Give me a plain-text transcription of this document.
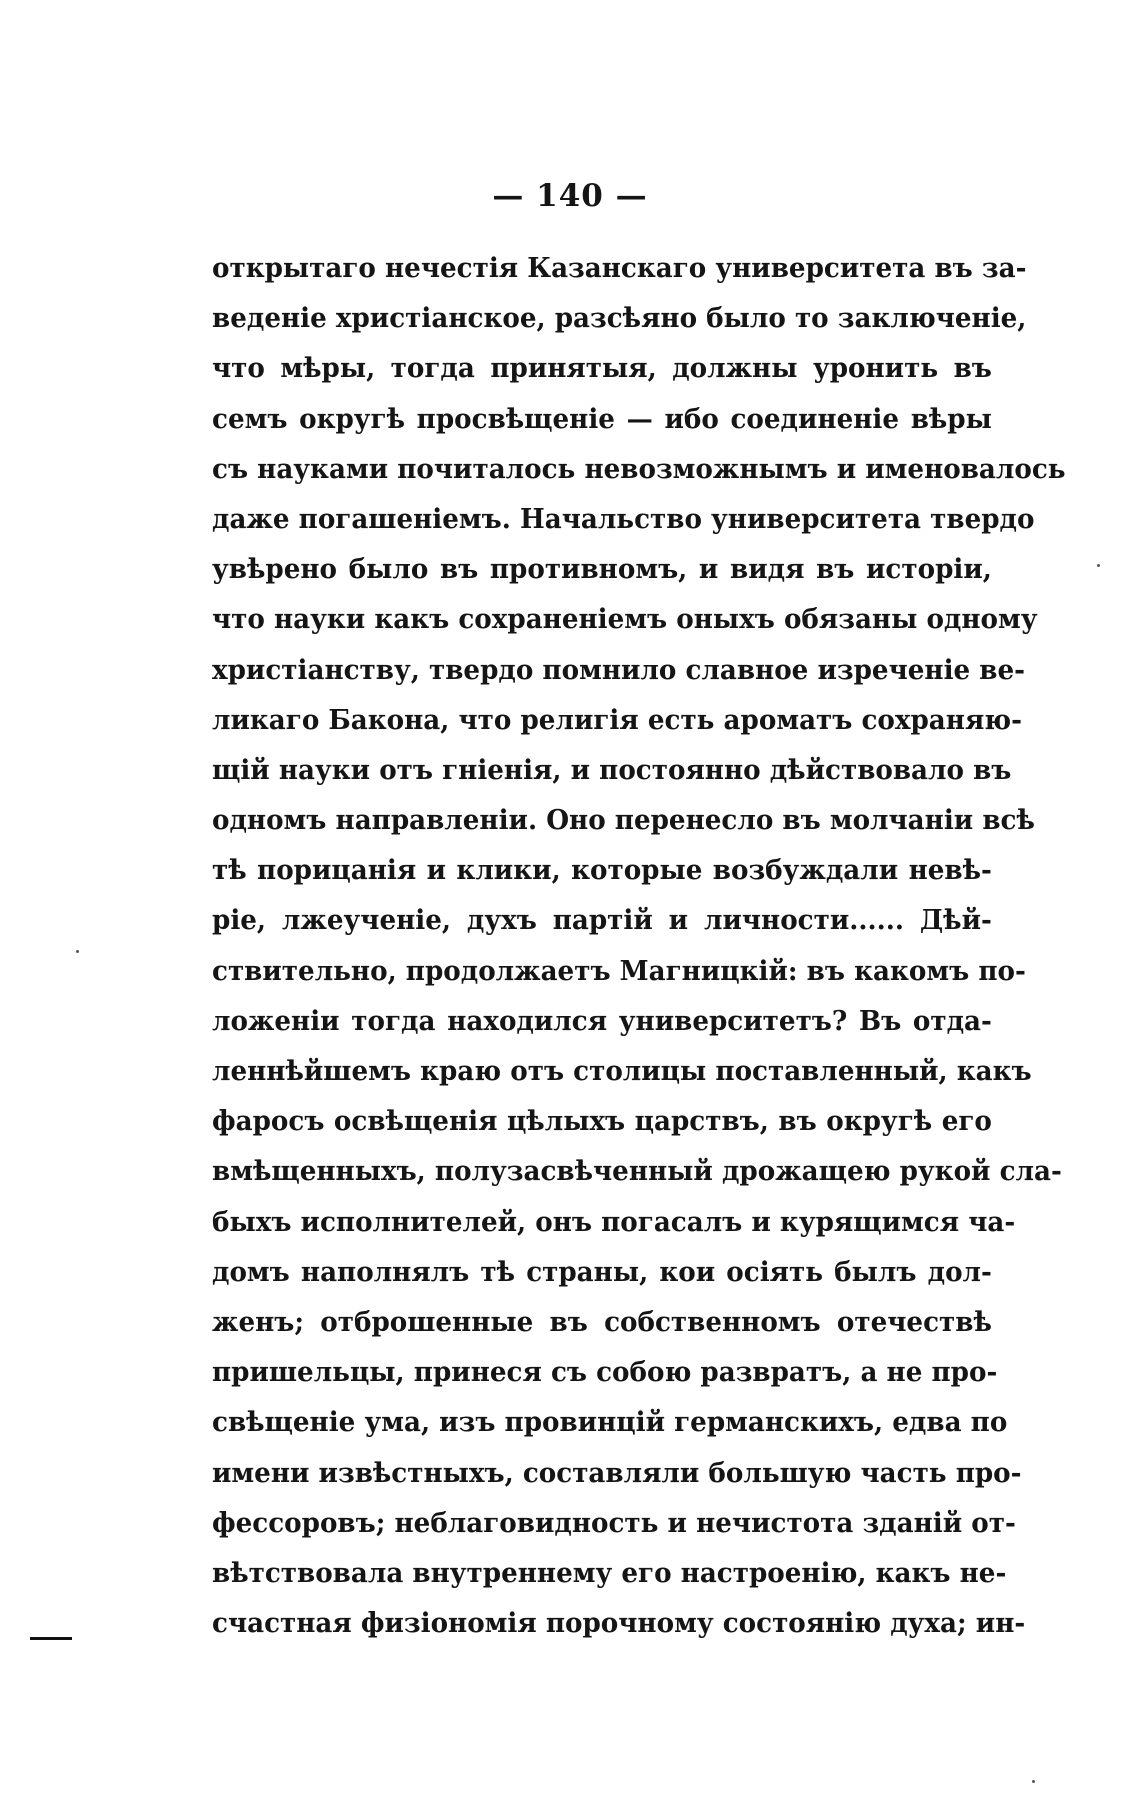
— 140 —
открытаго нечестія Казанскаго университета въ за-
веденіе христіанское, разсѣяно было то заключеніе,
что мѣры, тогда принятыя, должны уронить въ
семъ округѣ просвѣщеніе — ибо соединеніе вѣры
съ науками почиталось невозможнымъ и именовалось
даже погашеніемъ. Начальство университета твердо
увѣрено было въ противномъ, и видя въ исторіи,
что науки какъ сохраненіемъ оныхъ обязаны одному
христіанству, твердо помнило славное изреченіе ве-
ликаго Бакона, что религія есть ароматъ сохраняю-
щій науки отъ гніенія, и постоянно дѣйствовало въ
одномъ направленіи. Оно перенесло въ молчаніи всѣ
тѣ порицанія и клики, которые возбуждали невѣ-
ріе, лжеученіе, духъ партій и личности...... Дѣй-
ствительно, продолжаетъ Магницкій: въ какомъ по-
ложеніи тогда находился университетъ? Въ отда-
леннѣйшемъ краю отъ столицы поставленный, какъ
фаросъ освѣщенія цѣлыхъ царствъ, въ округѣ его
вмѣщенныхъ, полузасвѣченный дрожащею рукой сла-
быхъ исполнителей, онъ погасалъ и курящимся ча-
домъ наполнялъ тѣ страны, кои осіять былъ дол-
женъ; отброшенные въ собственномъ отечествѣ
пришельцы, принеся съ собою развратъ, а не про-
свѣщеніе ума, изъ провинцій германскихъ, едва по
имени извѣстныхъ, составляли большую часть про-
фессоровъ; неблаговидность и нечистота зданій от-
вѣтствовала внутреннему его настроенію, какъ не-
счастная физіономія порочному состоянію духа; ин-
